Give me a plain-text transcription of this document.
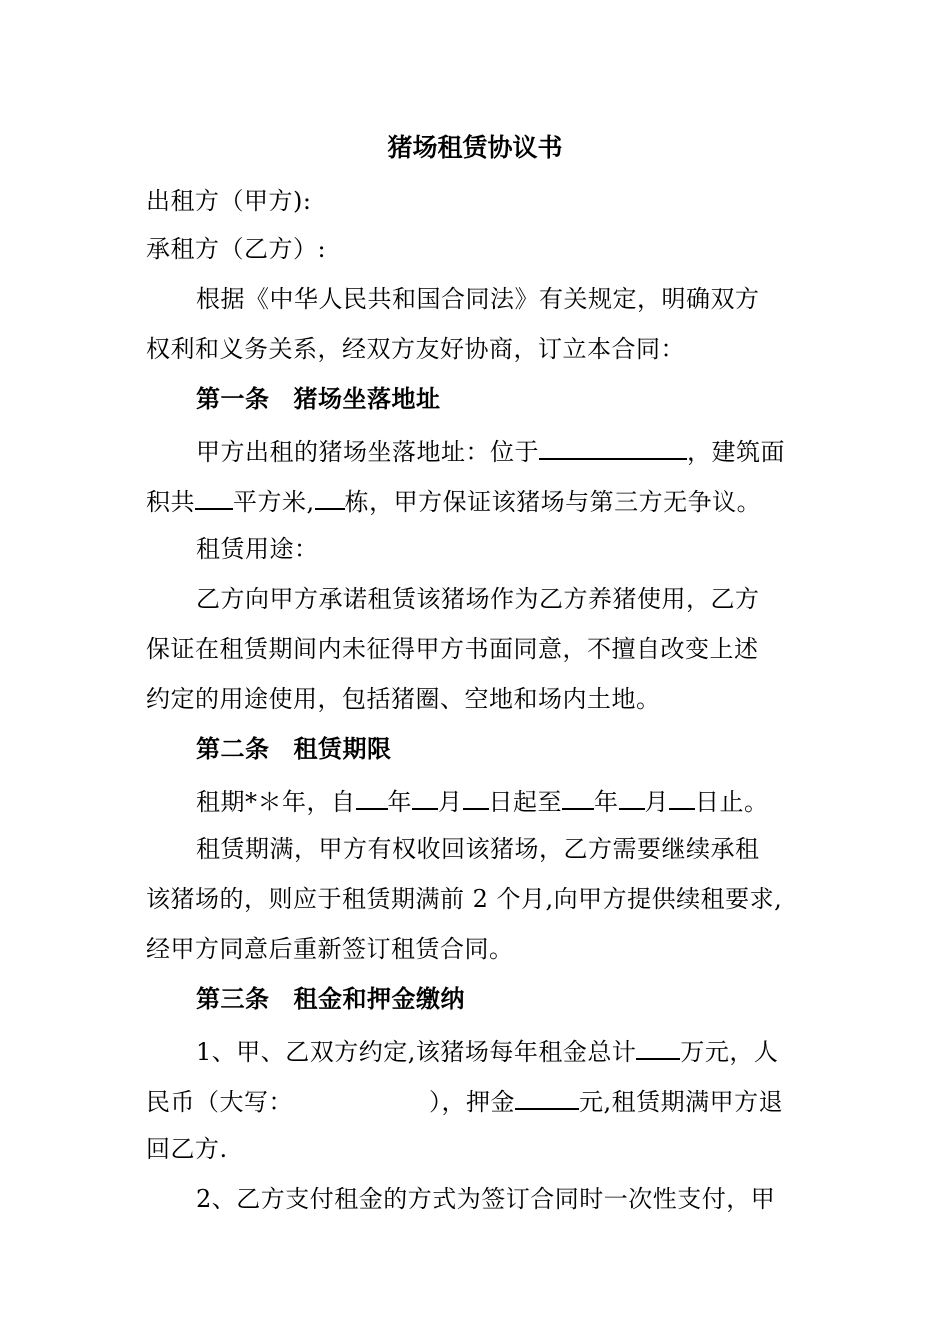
猪场租赁协议书
出租方（甲方):
承租方（乙方）:
根据《中华人民共和国合同法》有关规定，明确双方
权利和义务关系，经双方友好协商，订立本合同：
第一条 猪场坐落地址
甲方出租的猪场坐落地址：位于	，建筑面
积共 平方米, 栋，甲方保证该猪场与第三方无争议。
租赁用途：
乙方向甲方承诺租赁该猪场作为乙方养猪使用，乙方
保证在租赁期间内未征得甲方书面同意，不擅自改变上述
约定的用途使用，包括猪圈、空地和场内土地。
第二条 租赁期限
租期*＊年，自 年 月 日起至 年 月 日止。
租赁期满，甲方有权收回该猪场，乙方需要继续承租
该猪场的，则应于租赁期满前 2 个月,向甲方提供续租要求,
经甲方同意后重新签订租赁合同。
第三条 租金和押金缴纳
1、甲、乙双方约定,该猪场每年租金总计 万元，人
民币（大写：	），押金	元,租赁期满甲方退
回乙方.
2、乙方支付租金的方式为签订合同时一次性支付，甲
